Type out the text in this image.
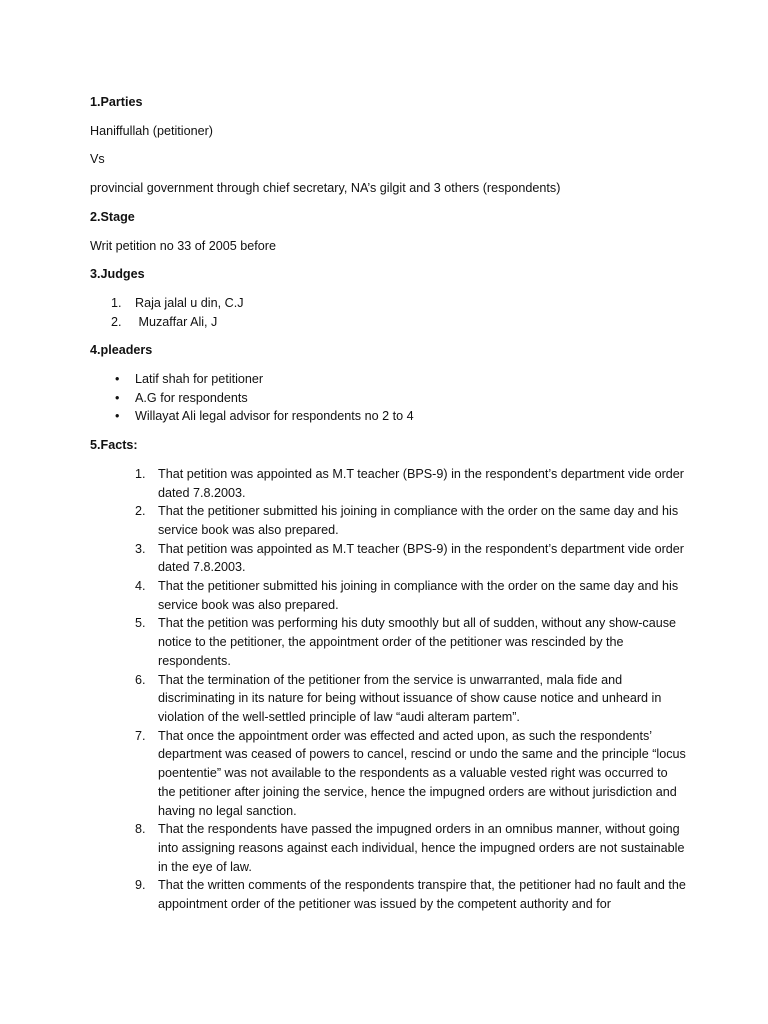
1.Parties
Haniffullah (petitioner)
Vs
provincial government through chief secretary, NA’s gilgit and 3 others (respondents)
2.Stage
Writ petition no 33 of 2005 before
3.Judges
1. Raja jalal u din, C.J
2. Muzaffar Ali, J
4.pleaders
• Latif shah for petitioner
• A.G for respondents
• Willayat Ali legal advisor for respondents no 2 to 4
5.Facts:
1. That petition was appointed as M.T teacher (BPS-9) in the respondent’s department vide order dated 7.8.2003.
2. That the petitioner submitted his joining in compliance with the order on the same day and his service book was also prepared.
3. That petition was appointed as M.T teacher (BPS-9) in the respondent’s department vide order dated 7.8.2003.
4. That the petitioner submitted his joining in compliance with the order on the same day and his service book was also prepared.
5. That the petition was performing his duty smoothly but all of sudden, without any show-cause notice to the petitioner, the appointment order of the petitioner was rescinded by the respondents.
6. That the termination of the petitioner from the service is unwarranted, mala fide and discriminating in its nature for being without issuance of show cause notice and unheard in violation of the well-settled principle of law “audi alteram partem”.
7. That once the appointment order was effected and acted upon, as such the respondents’ department was ceased of powers to cancel, rescind or undo the same and the principle “locus poententie” was not available to the respondents as a valuable vested right was occurred to the petitioner after joining the service, hence the impugned orders are without jurisdiction and having no legal sanction.
8. That the respondents have passed the impugned orders in an omnibus manner, without going into assigning reasons against each individual, hence the impugned orders are not sustainable in the eye of law.
9. That the written comments of the respondents transpire that, the petitioner had no fault and the appointment order of the petitioner was issued by the competent authority and for
